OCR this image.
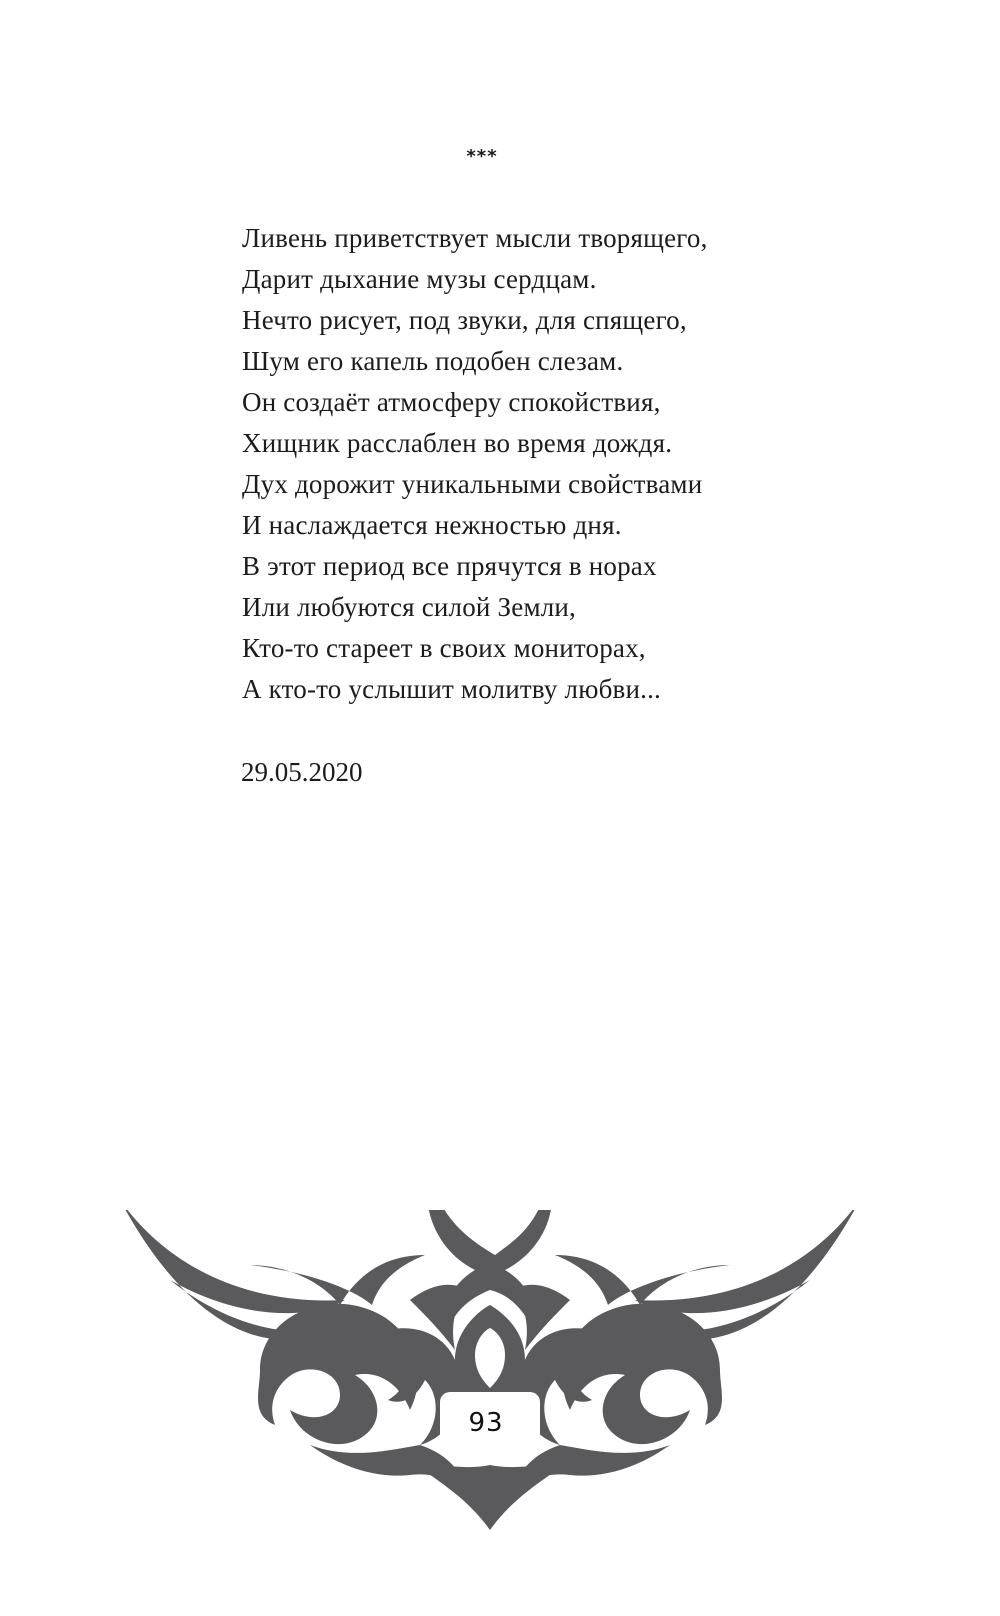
***
Ливень приветствует мысли творящего,
Дарит дыхание музы сердцам.
Нечто рисует, под звуки, для спящего,
Шум его капель подобен слезам.
Он создаёт атмосферу спокойствия,
Хищник расслаблен во время дождя.
Дух дорожит уникальными свойствами
И наслаждается нежностью дня.
В этот период все прячутся в норах
Или любуются силой Земли,
Кто-то стареет в своих мониторах,
А кто-то услышит молитву любви...
29.05.2020
93
